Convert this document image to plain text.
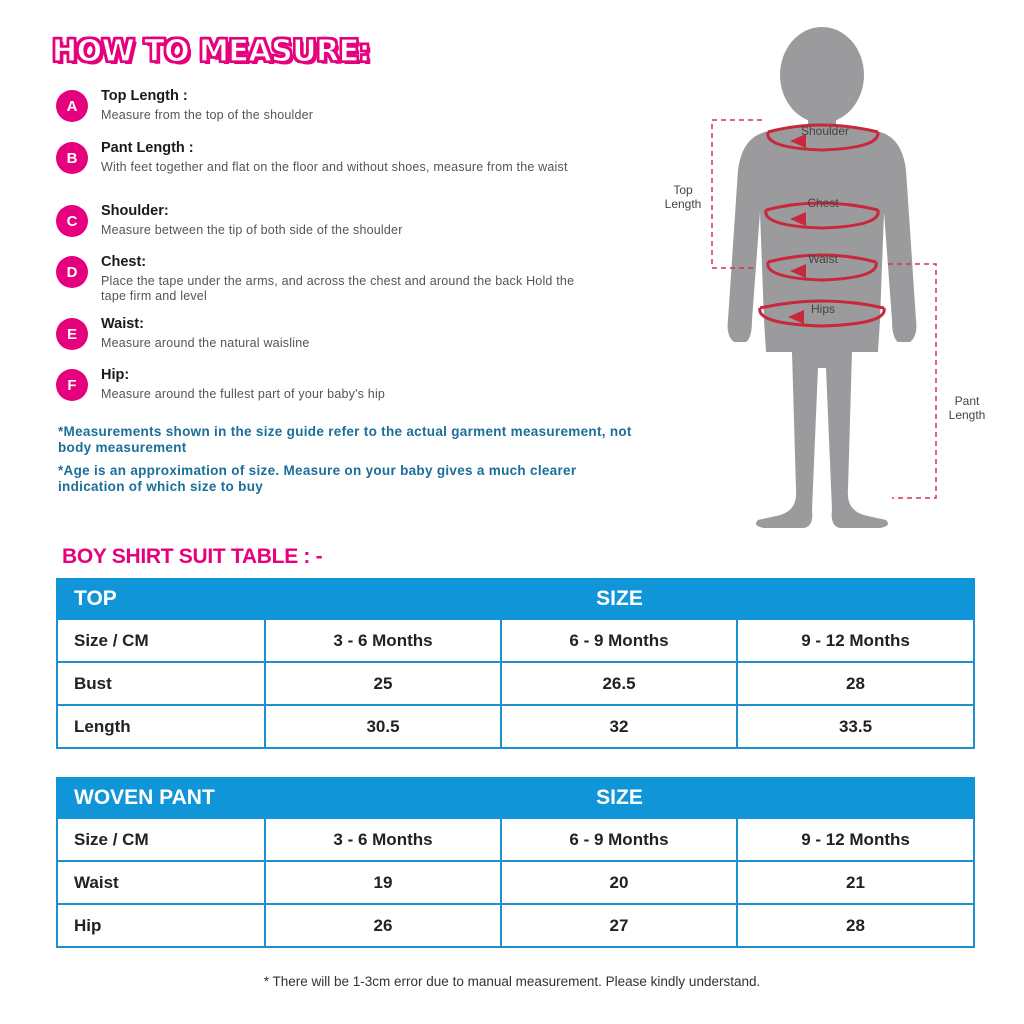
HOW TO MEASURE:
A
Top Length :
Measure from the top of the shoulder
B
Pant Length :
With feet together and flat on the floor and without shoes, measure from the waist
C
Shoulder:
Measure between the tip of both side of the shoulder
D
Chest:
Place the tape under the arms, and across the chest and around the back Hold the tape firm and level
E
Waist:
Measure around the natural waisline
F
Hip:
Measure around the fullest part of your baby's hip
*Measurements shown in the size guide refer to the actual garment measurement, not body measurement
*Age is an approximation of size. Measure on your baby gives a much clearer indication of which size to buy
Shoulder
Chest
Waist
Hips
Top Length
Pant Length
BOY SHIRT SUIT TABLE : -
TOP	SIZE		
Size / CM	3 - 6 Months	6 - 9 Months	9 - 12 Months
Bust	25	26.5	28
Length	30.5	32	33.5
WOVEN PANT	SIZE		
Size / CM	3 - 6 Months	6 - 9 Months	9 - 12 Months
Waist	19	20	21
Hip	26	27	28
* There will be 1-3cm error due to manual measurement. Please kindly understand.
